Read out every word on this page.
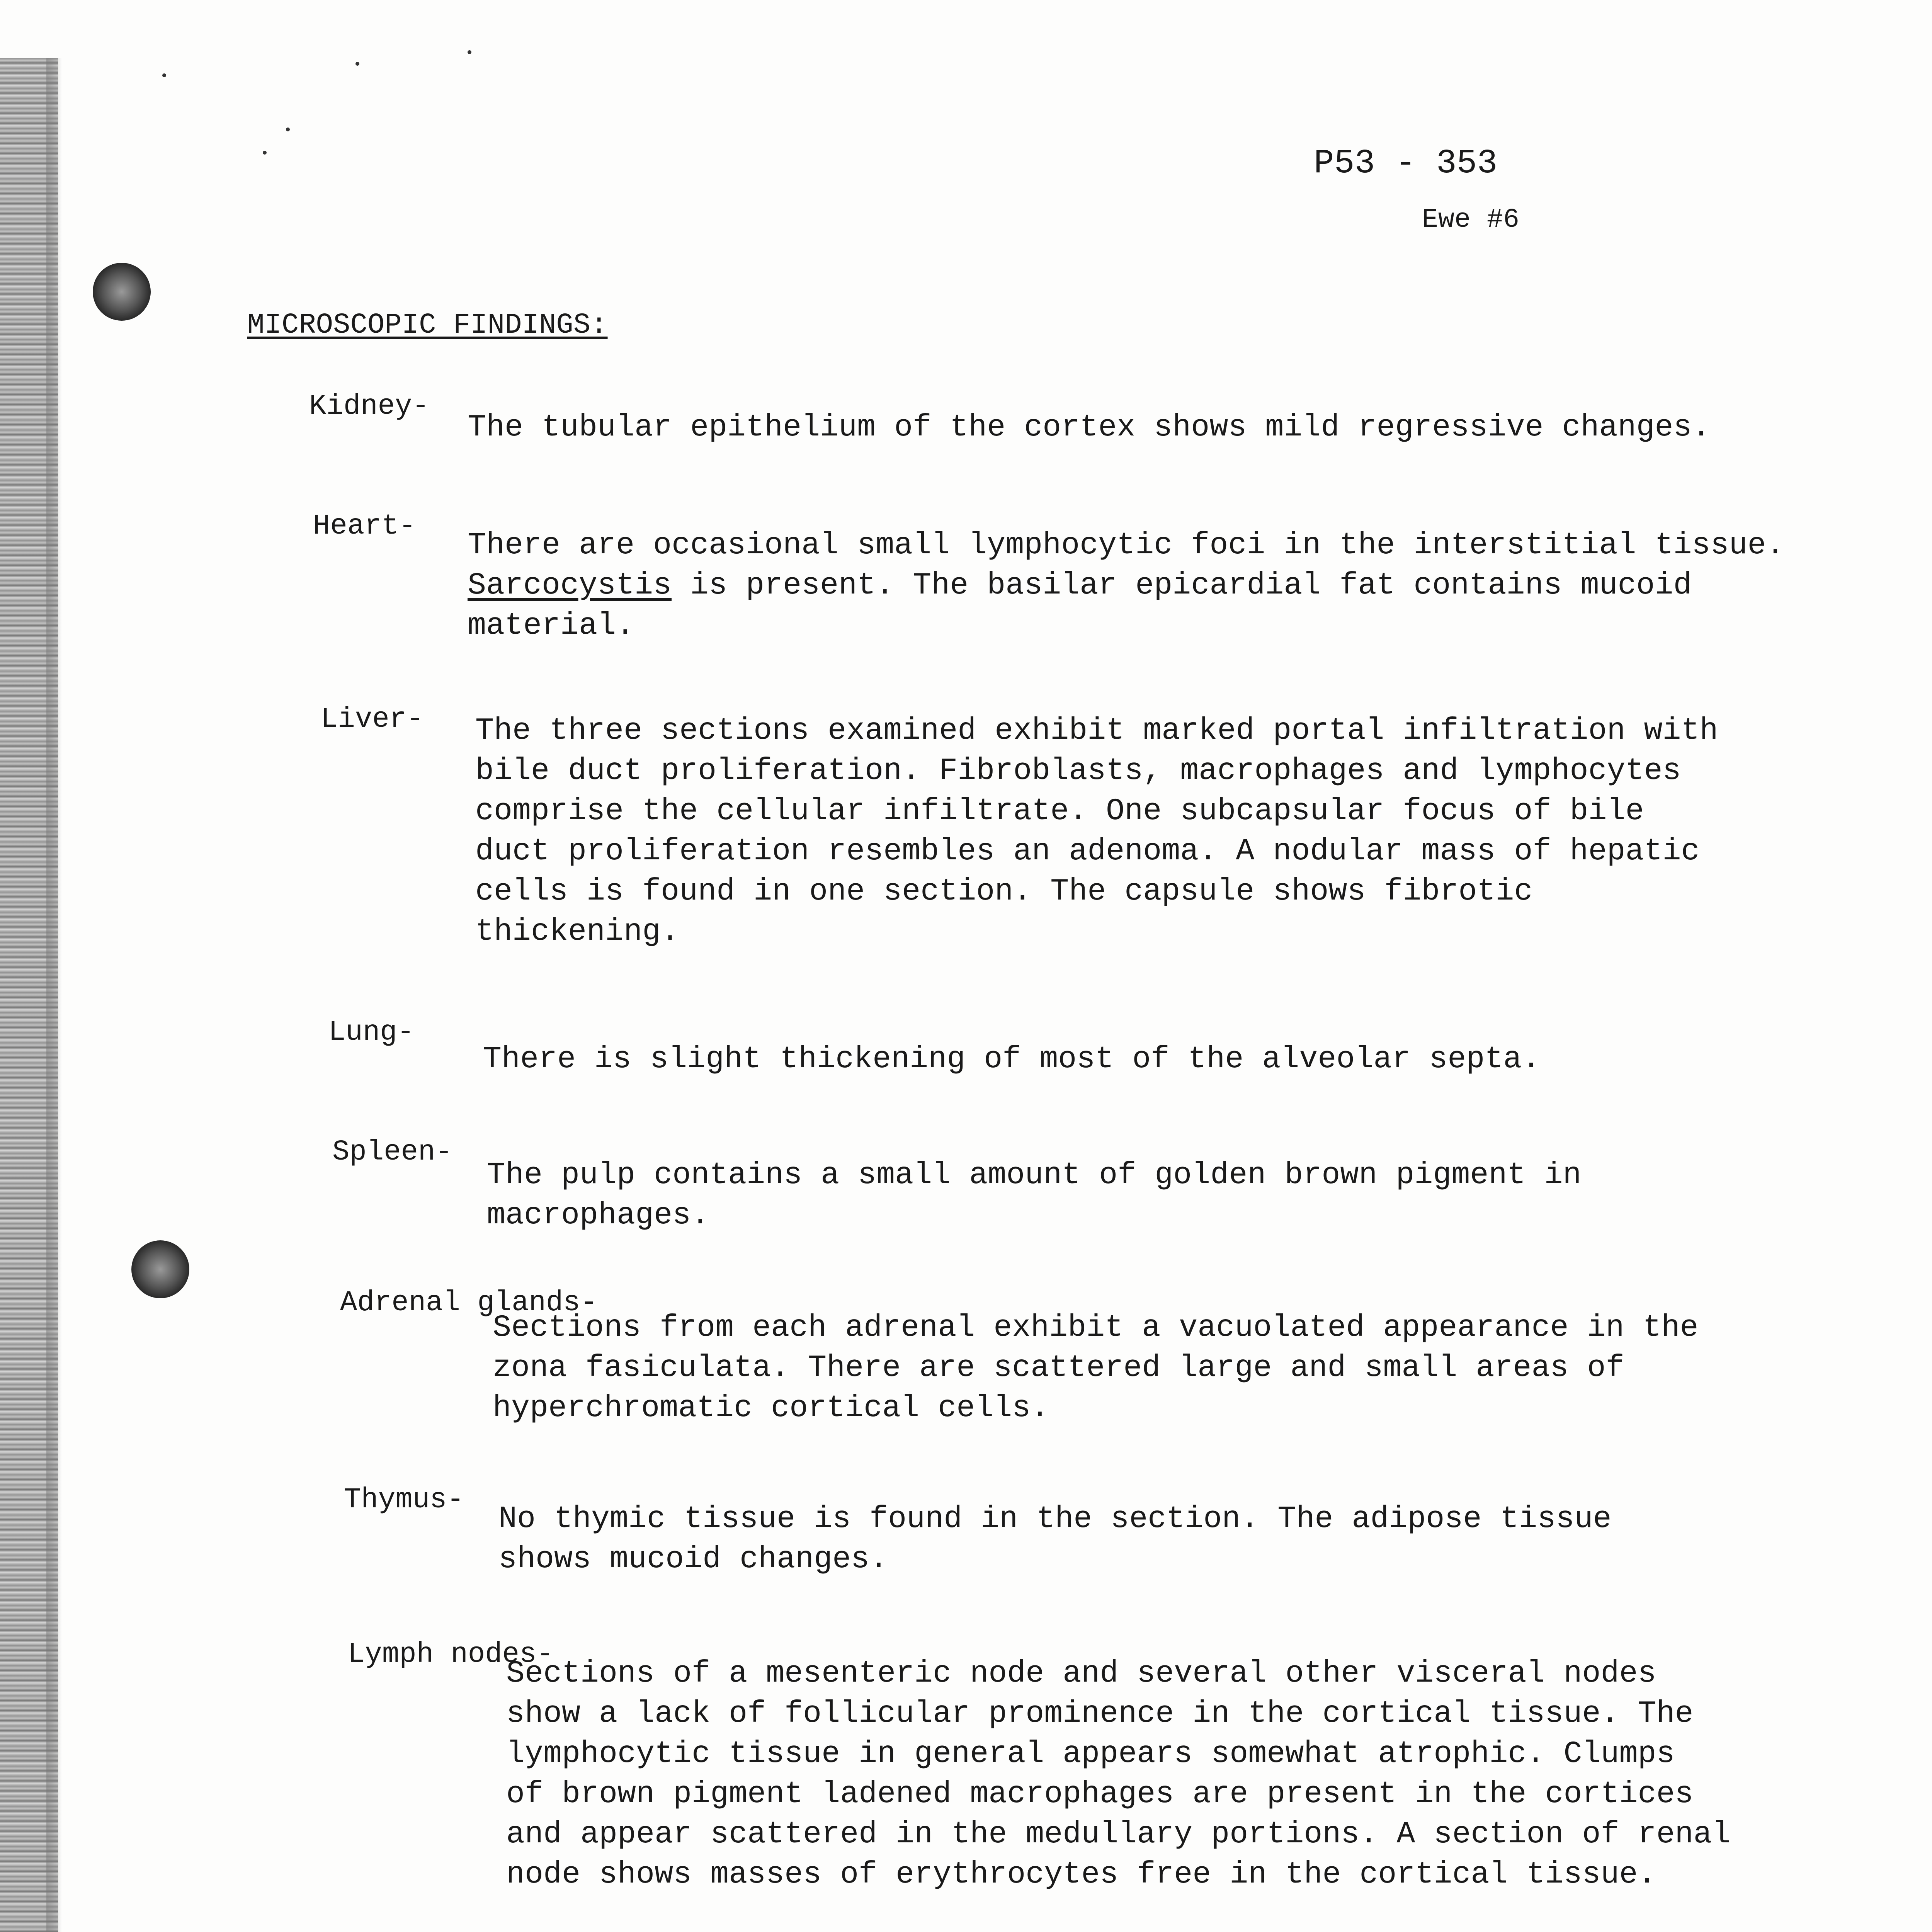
P53 - 353
Ewe #6
MICROSCOPIC FINDINGS:
Kidney-
The tubular epithelium of the cortex shows mild regressive changes.
Heart-
There are occasional small lymphocytic foci in the interstitial tissue.
Sarcocystis is present. The basilar epicardial fat contains mucoid
material.
Liver- The three sections examined exhibit marked portal infiltration with
bile duct proliferation. Fibroblasts, macrophages and lymphocytes
comprise the cellular infiltrate. One subcapsular focus of bile
duct proliferation resembles an adenoma. A nodular mass of hepatic
cells is found in one section. The capsule shows fibrotic
thickening.
Lung-
There is slight thickening of most of the alveolar septa.
Spleen-
The pulp contains a small amount of golden brown pigment in
macrophages.
Adrenal glands-
Sections from each adrenal exhibit a vacuolated appearance in the
zona fasiculata. There are scattered large and small areas of
hyperchromatic cortical cells.
Thymus-
No thymic tissue is found in the section. The adipose tissue
shows mucoid changes.
Lymph nodes-
Sections of a mesenteric node and several other visceral nodes
show a lack of follicular prominence in the cortical tissue. The
lymphocytic tissue in general appears somewhat atrophic. Clumps
of brown pigment ladened macrophages are present in the cortices
and appear scattered in the medullary portions. A section of renal
node shows masses of erythrocytes free in the cortical tissue.
